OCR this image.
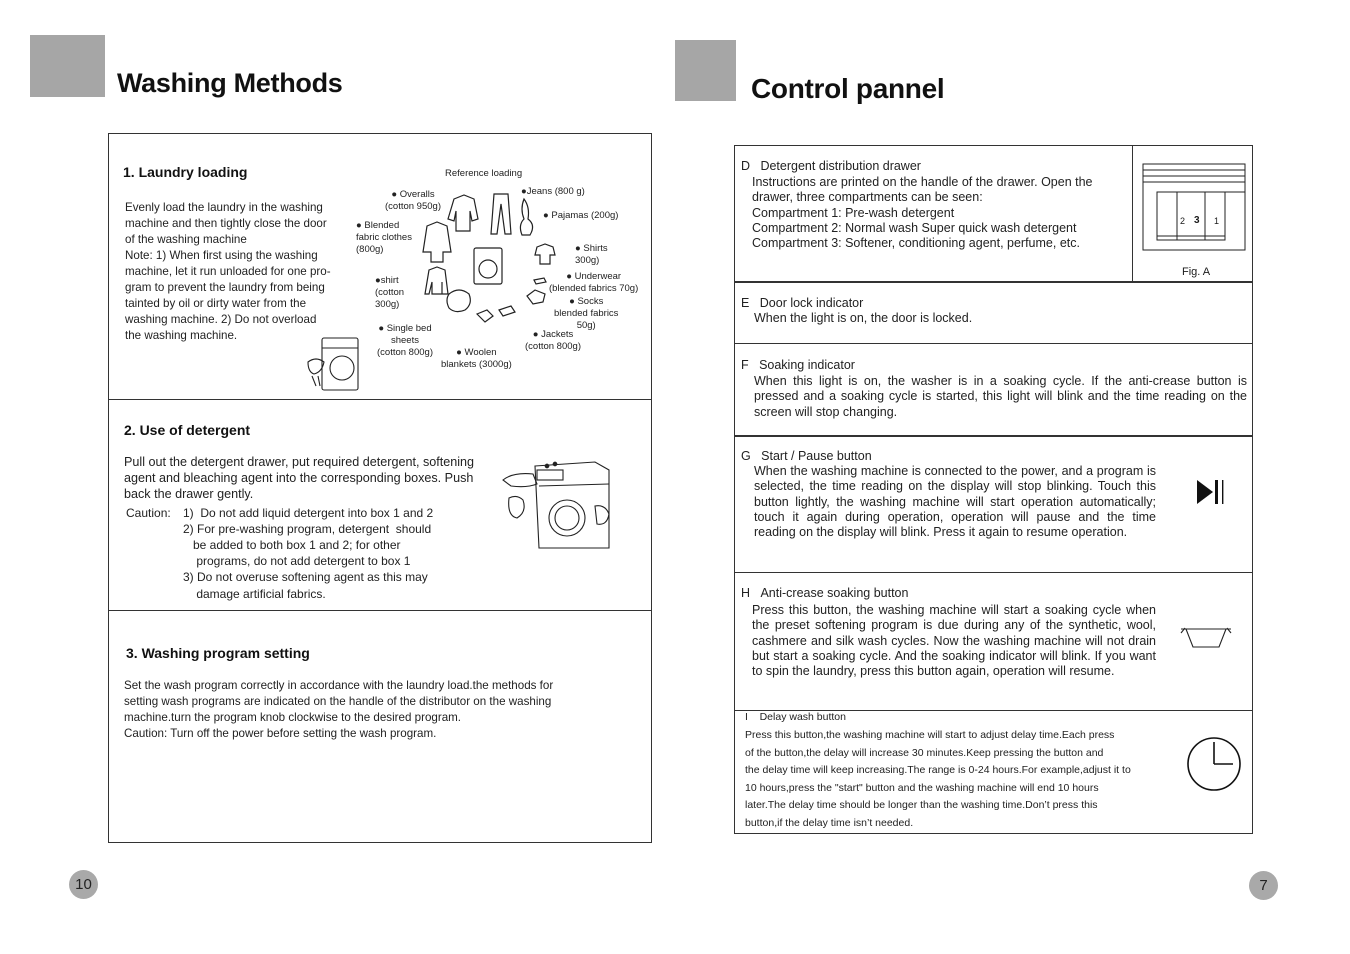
Washing Methods
1. Laundry loading
Evenly load the laundry in the washing
machine and then tightly close the door
of the washing machine
Note: 1) When first using the washing
machine, let it run unloaded for one pro-
gram to prevent the laundry from being
tainted by oil or dirty water from the
washing machine. 2) Do not overload
the washing machine.
Reference loading
● Overalls
(cotton 950g)
●Jeans (800 g)
● Pajamas (200g)
● Blended
fabric clothes
(800g)	● Shirts
300g)
● Underwear
(blended fabrics 70g)
●shirt
(cotton
300g)	● Socks
blended fabrics
50g)
● Jackets
(cotton 800g)
● Single bed
sheets
(cotton 800g)	● Woolen
blankets (3000g)
2. Use of detergent
Pull out the detergent drawer, put required detergent, softening
agent and bleaching agent into the corresponding boxes. Push
back the drawer gently.
Caution: 1)  Do not add liquid detergent into box 1 and 2
2) For pre-washing program, detergent  should
be added to both box 1 and 2; for other
programs, do not add detergent to box 1
3) Do not overuse softening agent as this may
damage artificial fabrics.
3. Washing program setting
Set the wash program correctly in accordance with the laundry load.the methods for
setting wash programs are indicated on the handle of the distributor on the washing
machine.turn the program knob clockwise to the desired program.
Caution: Turn off the power before setting the wash program.
10
Control pannel
D Detergent distribution drawer
Instructions are printed on the handle of the drawer. Open the
drawer, three compartments can be seen:
Compartment 1: Pre-wash detergent
Compartment 2: Normal wash Super quick wash detergent
Compartment 3: Softener, conditioning agent, perfume, etc.
2 3 1
Fig. A
E Door lock indicator
When the light is on, the door is locked.
F Soaking indicator
When this light is on, the washer is in a soaking cycle. If the anti-crease button is pressed and a soaking cycle is started, this light will blink and the time reading on the screen will stop changing.
G Start / Pause button
When the washing machine is connected to the power, and a program is selected, the time reading on the display will stop blinking. Touch this button lightly, the washing machine will start operation automatically; touch it again during operation, operation will pause and the time reading on the display will blink. Press it again to resume operation.
H Anti-crease soaking button
Press this button, the washing machine will start a soaking cycle when the preset softening program is due during any of the synthetic, wool, cashmere and silk wash cycles. Now the washing machine will not drain but start a soaking cycle. And the soaking indicator will blink. If you want to spin the laundry, press this button again, operation will resume.
I Delay wash button
Press this button,the washing machine will start to adjust delay time.Each press
of the button,the delay will increase 30 minutes.Keep pressing the button and
the delay time will keep increasing.The range is 0-24 hours.For example,adjust it to
10 hours,press the "start" button and the washing machine will end 10 hours
later.The delay time should be longer than the washing time.Don’t press this
button,if the delay time isn’t needed.
7
